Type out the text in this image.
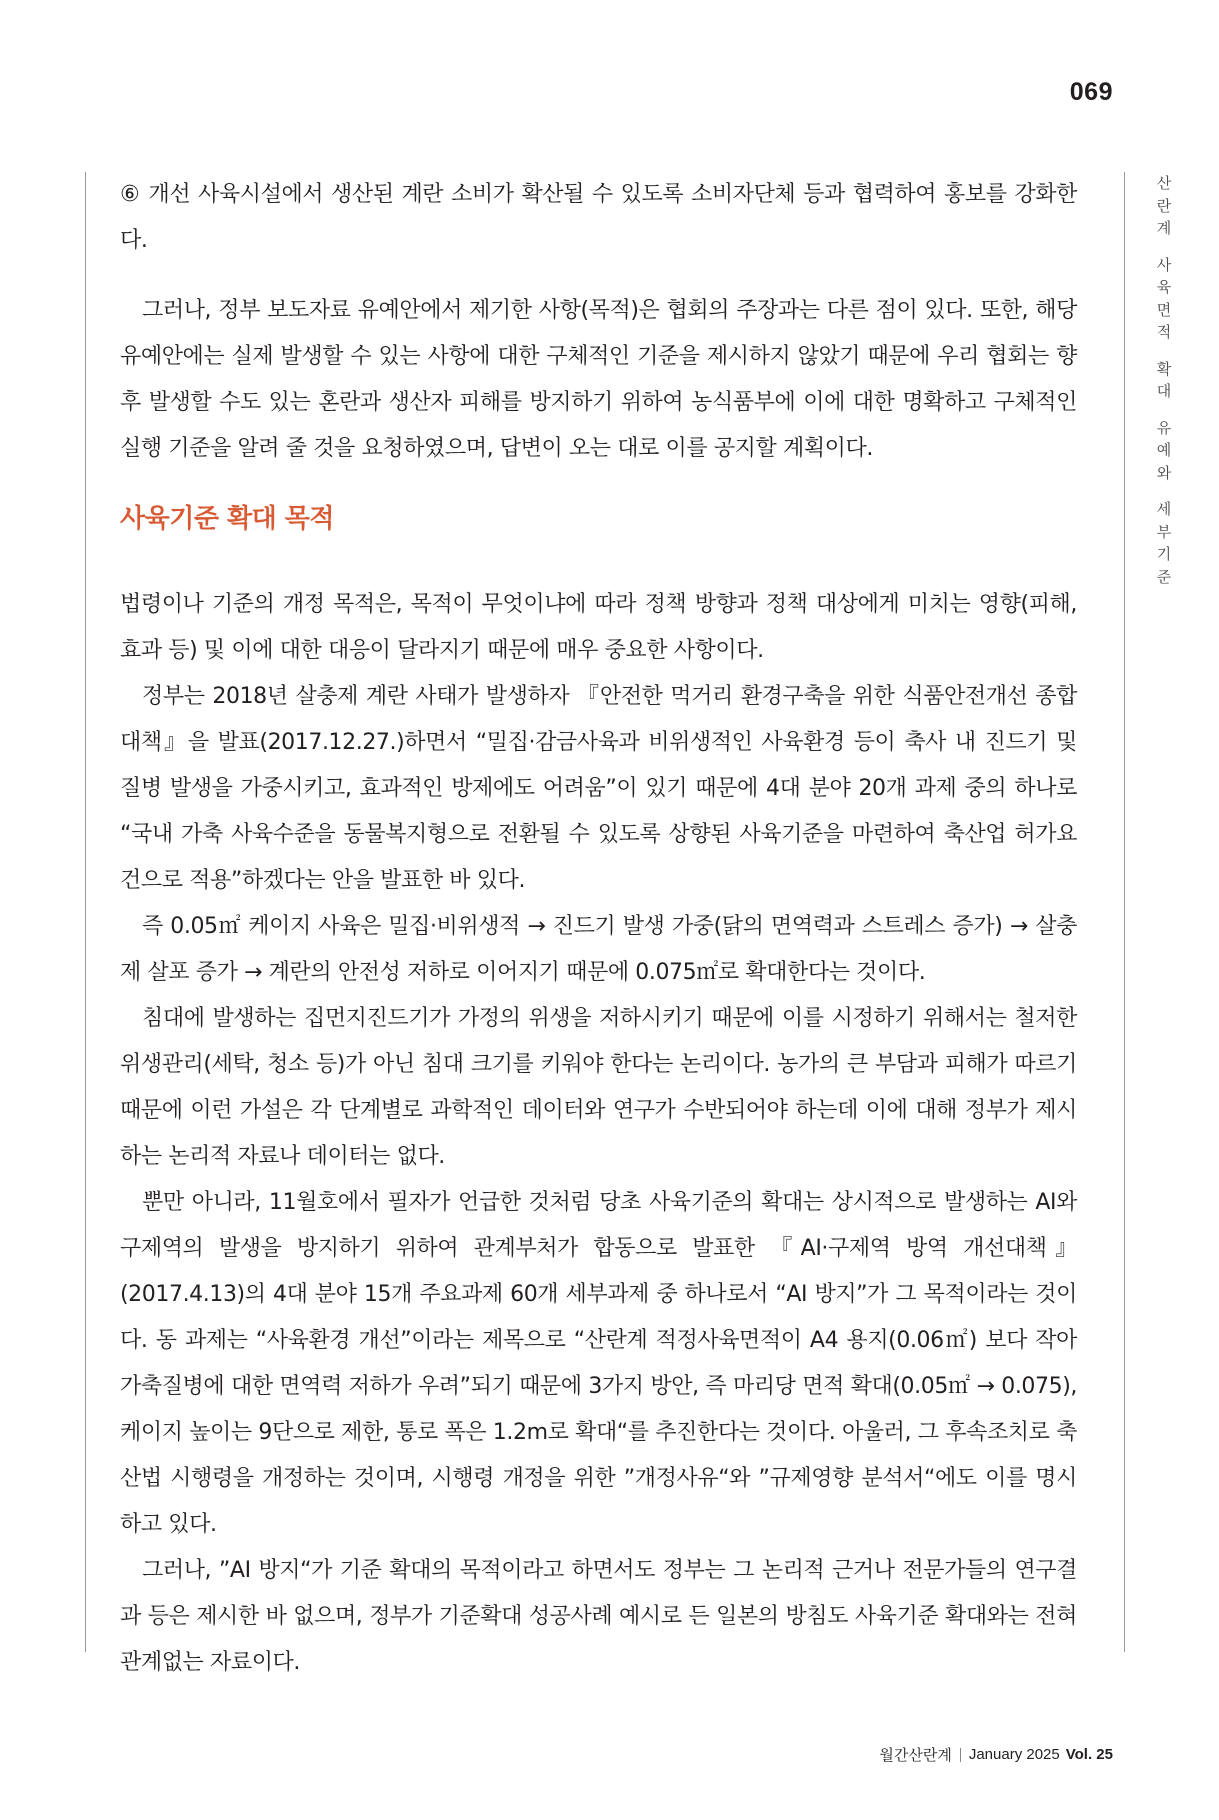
069
산
란
계
사
육
면
적
확
대
유
예
와
세
부
기
준

⑥ 개선 사육시설에서 생산된 계란 소비가 확산될 수 있도록 소비자단체 등과 협력하여 홍보를 강화한다.

그러나, 정부 보도자료 유예안에서 제기한 사항(목적)은 협회의 주장과는 다른 점이 있다. 또한, 해당 유예안에는 실제 발생할 수 있는 사항에 대한 구체적인 기준을 제시하지 않았기 때문에 우리 협회는 향후 발생할 수도 있는 혼란과 생산자 피해를 방지하기 위하여 농식품부에 이에 대한 명확하고 구체적인 실행 기준을 알려 줄 것을 요청하였으며, 답변이 오는 대로 이를 공지할 계획이다.

사육기준 확대 목적

법령이나 기준의 개정 목적은, 목적이 무엇이냐에 따라 정책 방향과 정책 대상에게 미치는 영향(피해, 효과 등) 및 이에 대한 대응이 달라지기 때문에 매우 중요한 사항이다.

정부는 2018년 살충제 계란 사태가 발생하자 『안전한 먹거리 환경구축을 위한 식품안전개선 종합대책』을 발표(2017.12.27.)하면서 “밀집·감금사육과 비위생적인 사육환경 등이 축사 내 진드기 및 질병 발생을 가중시키고, 효과적인 방제에도 어려움”이 있기 때문에 4대 분야 20개 과제 중의 하나로 “국내 가축 사육수준을 동물복지형으로 전환될 수 있도록 상향된 사육기준을 마련하여 축산업 허가요건으로 적용”하겠다는 안을 발표한 바 있다.

즉 0.05㎡ 케이지 사육은 밀집·비위생적 → 진드기 발생 가중(닭의 면역력과 스트레스 증가) → 살충제 살포 증가 → 계란의 안전성 저하로 이어지기 때문에 0.075㎡로 확대한다는 것이다.

침대에 발생하는 집먼지진드기가 가정의 위생을 저하시키기 때문에 이를 시정하기 위해서는 철저한 위생관리(세탁, 청소 등)가 아닌 침대 크기를 키워야 한다는 논리이다. 농가의 큰 부담과 피해가 따르기 때문에 이런 가설은 각 단계별로 과학적인 데이터와 연구가 수반되어야 하는데 이에 대해 정부가 제시하는 논리적 자료나 데이터는 없다.

뿐만 아니라, 11월호에서 필자가 언급한 것처럼 당초 사육기준의 확대는 상시적으로 발생하는 AI와 구제역의 발생을 방지하기 위하여 관계부처가 합동으로 발표한 『AI·구제역 방역 개선대책』(2017.4.13)의 4대 분야 15개 주요과제 60개 세부과제 중 하나로서 “AI 방지”가 그 목적이라는 것이다. 동 과제는 “사육환경 개선”이라는 제목으로 “산란계 적정사육면적이 A4 용지(0.06㎡) 보다 작아 가축질병에 대한 면역력 저하가 우려”되기 때문에 3가지 방안, 즉 마리당 면적 확대(0.05㎡ → 0.075), 케이지 높이는 9단으로 제한, 통로 폭은 1.2m로 확대“를 추진한다는 것이다. 아울러, 그 후속조치로 축산법 시행령을 개정하는 것이며, 시행령 개정을 위한 ”개정사유“와 ”규제영향 분석서“에도 이를 명시하고 있다.

그러나, ”AI 방지“가 기준 확대의 목적이라고 하면서도 정부는 그 논리적 근거나 전문가들의 연구결과 등은 제시한 바 없으며, 정부가 기준확대 성공사례 예시로 든 일본의 방침도 사육기준 확대와는 전혀 관계없는 자료이다.

월간산란계 January 2025 Vol. 25
